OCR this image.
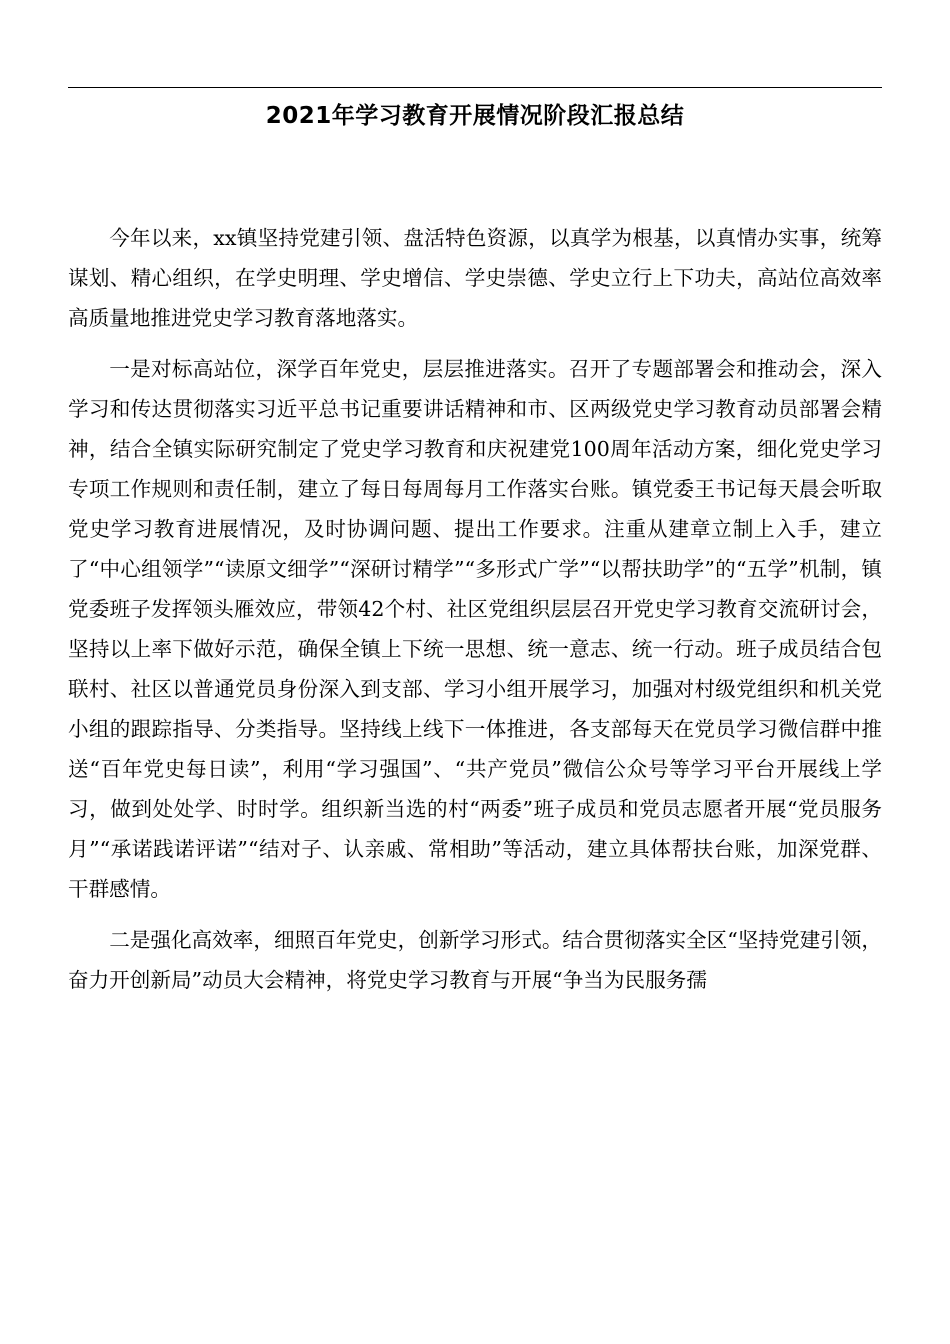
2021年学习教育开展情况阶段汇报总结

今年以来，xx镇坚持党建引领、盘活特色资源，以真学为根基，以真情办实事，统筹谋划、精心组织，在学史明理、学史增信、学史崇德、学史立行上下功夫，高站位高效率高质量地推进党史学习教育落地落实。

一是对标高站位，深学百年党史，层层推进落实。召开了专题部署会和推动会，深入学习和传达贯彻落实习近平总书记重要讲话精神和市、区两级党史学习教育动员部署会精神，结合全镇实际研究制定了党史学习教育和庆祝建党100周年活动方案，细化党史学习专项工作规则和责任制，建立了每日每周每月工作落实台账。镇党委王书记每天晨会听取党史学习教育进展情况，及时协调问题、提出工作要求。注重从建章立制上入手，建立了“中心组领学”“读原文细学”“深研讨精学”“多形式广学”“以帮扶助学”的“五学”机制，镇党委班子发挥领头雁效应，带领42个村、社区党组织层层召开党史学习教育交流研讨会，坚持以上率下做好示范，确保全镇上下统一思想、统一意志、统一行动。班子成员结合包联村、社区以普通党员身份深入到支部、学习小组开展学习，加强对村级党组织和机关党小组的跟踪指导、分类指导。坚持线上线下一体推进，各支部每天在党员学习微信群中推送“百年党史每日读”，利用“学习强国”、“共产党员”微信公众号等学习平台开展线上学习，做到处处学、时时学。组织新当选的村“两委”班子成员和党员志愿者开展“党员服务月”“承诺践诺评诺”“结对子、认亲戚、常相助”等活动，建立具体帮扶台账，加深党群、干群感情。

二是强化高效率，细照百年党史，创新学习形式。结合贯彻落实全区“坚持党建引领，奋力开创新局”动员大会精神，将党史学习教育与开展“争当为民服务孺
